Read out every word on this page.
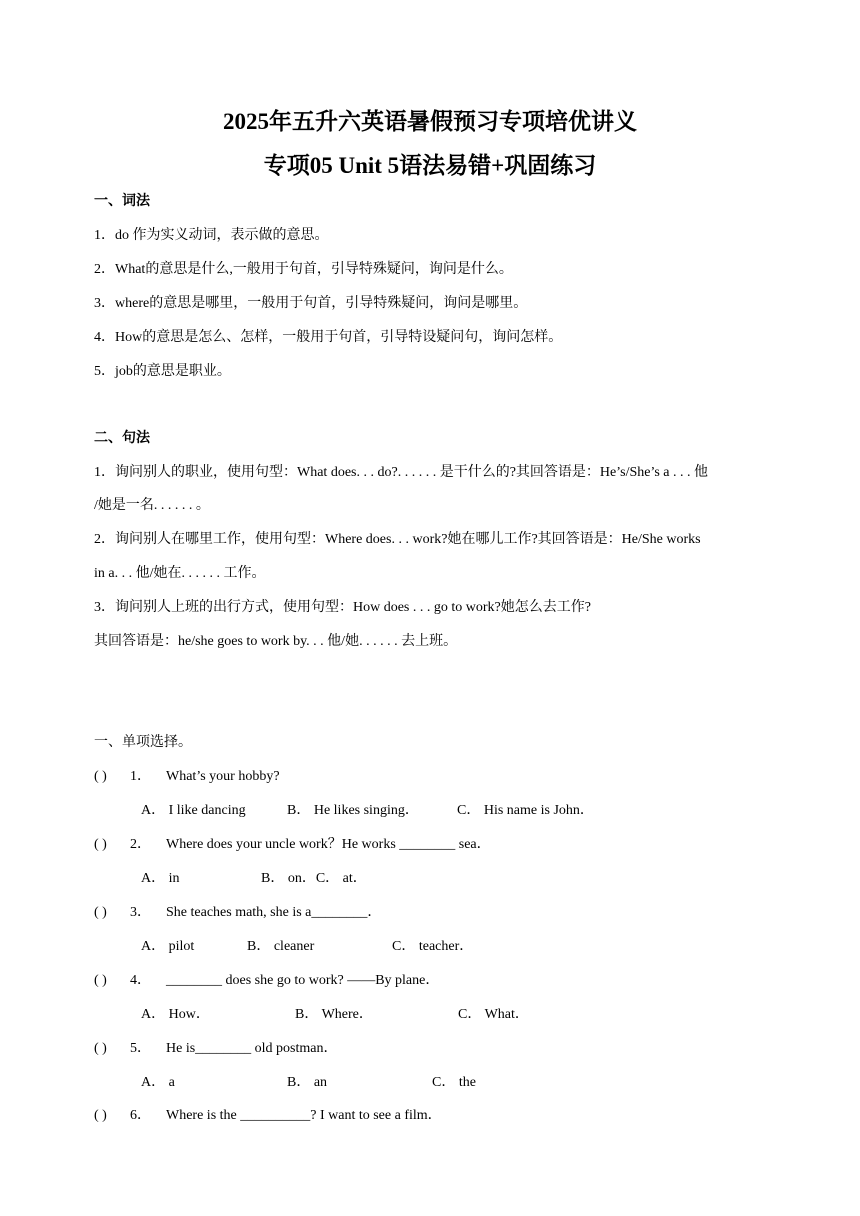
2025年五升六英语暑假预习专项培优讲义
专项05 Unit 5语法易错+巩固练习
一、词法
1．do 作为实义动词，表示做的意思。
2．What的意思是什么,一般用于句首，引导特殊疑问，询问是什么。
3．where的意思是哪里，一般用于句首，引导特殊疑问，询问是哪里。
4．How的意思是怎么、怎样，一般用于句首，引导特设疑问句，询问怎样。
5．job的意思是职业。
二、句法
1．询问别人的职业，使用句型：What does. . . do?. . . . . . 是干什么的?其回答语是：He’s/She’s a . . . 他
/她是一名. . . . . . 。
2．询问别人在哪里工作，使用句型：Where does. . . work?她在哪儿工作?其回答语是：He/She works
in a. . . 他/她在. . . . . . 工作。
3．询问别人上班的出行方式，使用句型：How does . . . go to work?她怎么去工作?
其回答语是：he/she goes to work by. . . 他/她. . . . . . 去上班。
一、单项选择。
( ) 1． What’s your hobby?
A． I like dancing	B． He likes singing．	C． His name is John．
( ) 2． Where does your uncle work？He works ________ sea．
A． in	B． on．C． at．
( ) 3． She teaches math, she is a________．
A． pilot	B． cleaner	C． teacher．
( ) 4． ________ does she go to work? ——By plane．
A． How．	B． Where．	C． What．
( ) 5． He is________ old postman．
A． a	B． an	C． the
( ) 6． Where is the __________? I want to see a film．
